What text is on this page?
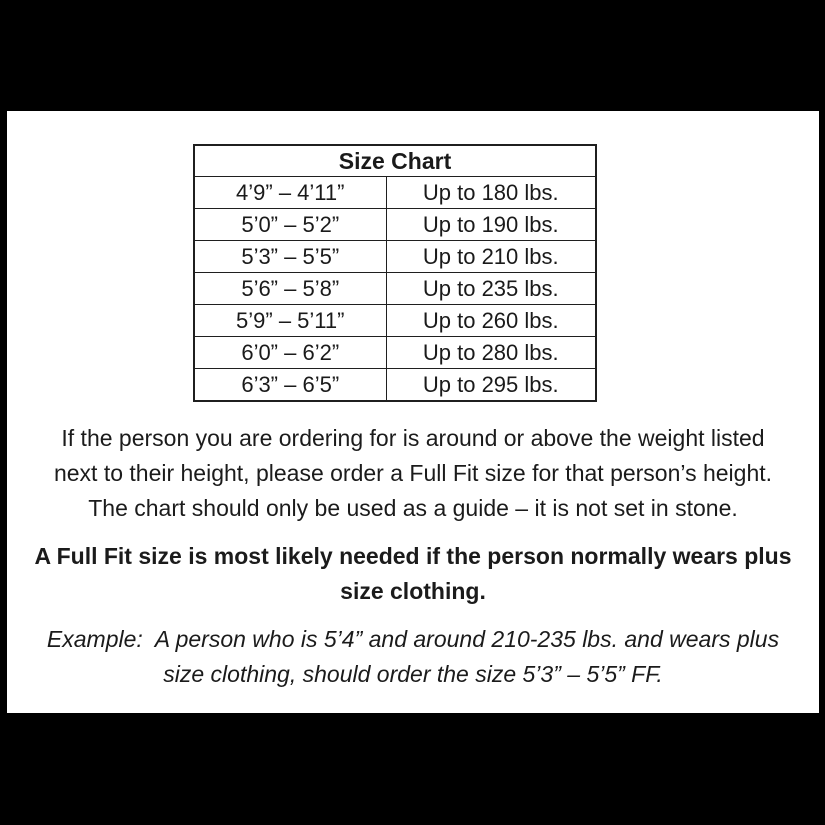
Size Chart	
4’9” – 4’11”	Up to 180 lbs.
5’0” – 5’2”	Up to 190 lbs.
5’3” – 5’5”	Up to 210 lbs.
5’6” – 5’8”	Up to 235 lbs.
5’9” – 5’11”	Up to 260 lbs.
6’0” – 6’2”	Up to 280 lbs.
6’3” – 6’5”	Up to 295 lbs.

If the person you are ordering for is around or above the weight listed
next to their height, please order a Full Fit size for that person’s height.
The chart should only be used as a guide – it is not set in stone.

A Full Fit size is most likely needed if the person normally wears plus
size clothing.

Example:  A person who is 5’4” and around 210-235 lbs. and wears plus
size clothing, should order the size 5’3” – 5’5” FF.
